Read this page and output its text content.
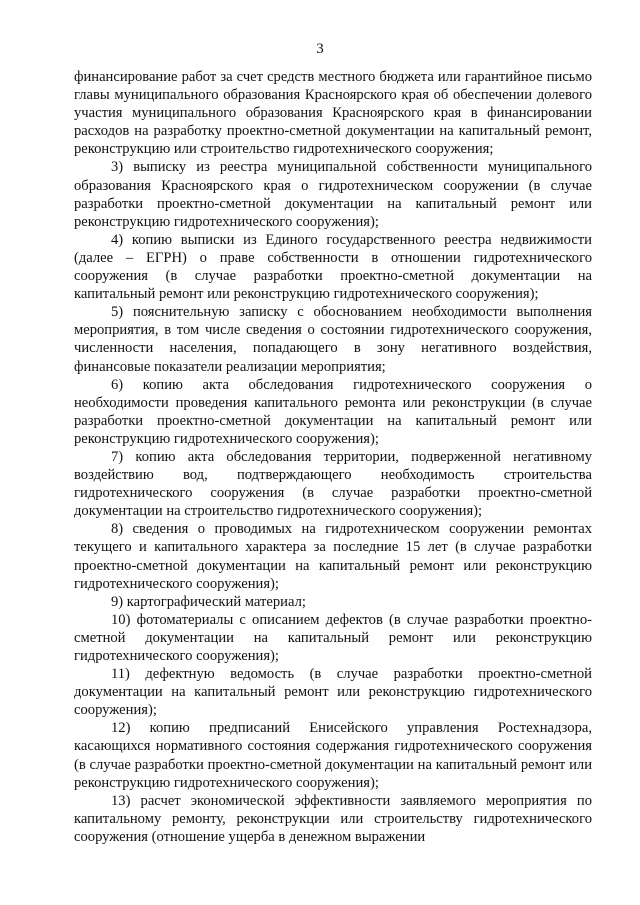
3

финансирование работ за счет средств местного бюджета или гарантийное письмо главы муниципального образования Красноярского края об обеспечении долевого участия муниципального образования Красноярского края в финансировании расходов на разработку проектно-сметной документации на капитальный ремонт, реконструкцию или строительство гидротехнического сооружения;

3) выписку из реестра муниципальной собственности муниципального образования Красноярского края о гидротехническом сооружении (в случае разработки проектно-сметной документации на капитальный ремонт или реконструкцию гидротехнического сооружения);

4) копию выписки из Единого государственного реестра недвижимости (далее – ЕГРН) о праве собственности в отношении гидротехнического сооружения (в случае разработки проектно-сметной документации на капитальный ремонт или реконструкцию гидротехнического сооружения);

5) пояснительную записку с обоснованием необходимости выполнения мероприятия, в том числе сведения о состоянии гидротехнического сооружения, численности населения, попадающего в зону негативного воздействия, финансовые показатели реализации мероприятия;

6) копию акта обследования гидротехнического сооружения о необходимости проведения капитального ремонта или реконструкции (в случае разработки проектно-сметной документации на капитальный ремонт или реконструкцию гидротехнического сооружения);

7) копию акта обследования территории, подверженной негативному воздействию вод, подтверждающего необходимость строительства гидротехнического сооружения (в случае разработки проектно-сметной документации на строительство гидротехнического сооружения);

8) сведения о проводимых на гидротехническом сооружении ремонтах текущего и капитального характера за последние 15 лет (в случае разработки проектно-сметной документации на капитальный ремонт или реконструкцию гидротехнического сооружения);

9) картографический материал;

10) фотоматериалы с описанием дефектов (в случае разработки проектно-сметной документации на капитальный ремонт или реконструкцию гидротехнического сооружения);

11) дефектную ведомость (в случае разработки проектно-сметной документации на капитальный ремонт или реконструкцию гидротехнического сооружения);

12) копию предписаний Енисейского управления Ростехнадзора, касающихся нормативного состояния содержания гидротехнического сооружения (в случае разработки проектно-сметной документации на капитальный ремонт или реконструкцию гидротехнического сооружения);

13) расчет экономической эффективности заявляемого мероприятия по капитальному ремонту, реконструкции или строительству гидротехнического сооружения (отношение ущерба в денежном выражении
